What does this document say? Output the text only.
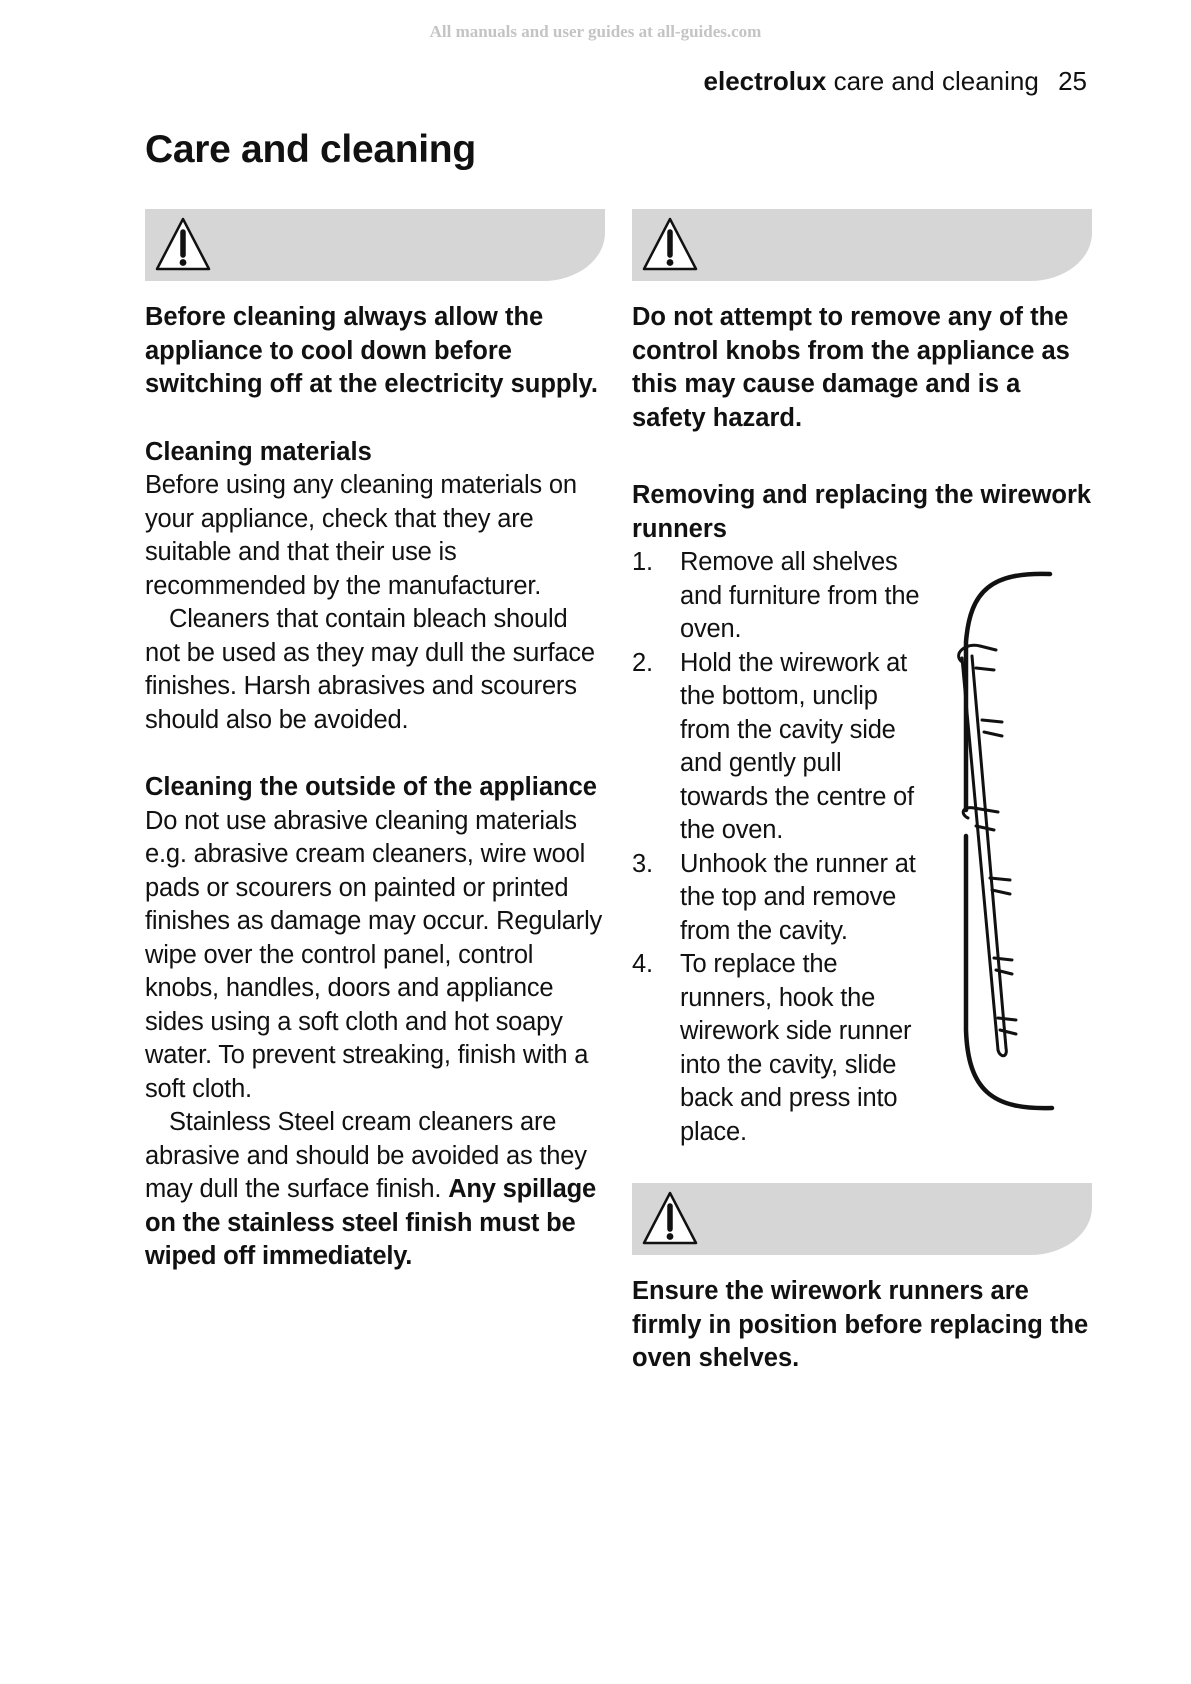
All manuals and user guides at all-guides.com
electrolux care and cleaning 25
Care and cleaning

Before cleaning always allow the appliance to cool down before switching off at the electricity supply.

Cleaning materials

Before using any cleaning materials on your appliance, check that they are suitable and that their use is recommended by the manufacturer.

Cleaners that contain bleach should not be used as they may dull the surface finishes. Harsh abrasives and scourers should also be avoided.

Cleaning the outside of the appliance

Do not use abrasive cleaning materials e.g. abrasive cream cleaners, wire wool pads or scourers on painted or printed finishes as damage may occur. Regularly wipe over the control panel, control knobs, handles, doors and appliance sides using a soft cloth and hot soapy water. To prevent streaking, finish with a soft cloth.

Stainless Steel cream cleaners are abrasive and should be avoided as they may dull the surface finish. Any spillage on the stainless steel finish must be wiped off immediately.

Do not attempt to remove any of the control knobs from the appliance as this may cause damage and is a safety hazard.

Removing and replacing the wirework runners
1. Remove all shelves and furniture from the oven.
2. Hold the wirework at the bottom, unclip from the cavity side and gently pull towards the centre of the oven.
3. Unhook the runner at the top and remove from the cavity.
4. To replace the runners, hook the wirework side runner into the cavity, slide back and press into place.

Ensure the wirework runners are firmly in position before replacing the oven shelves.
